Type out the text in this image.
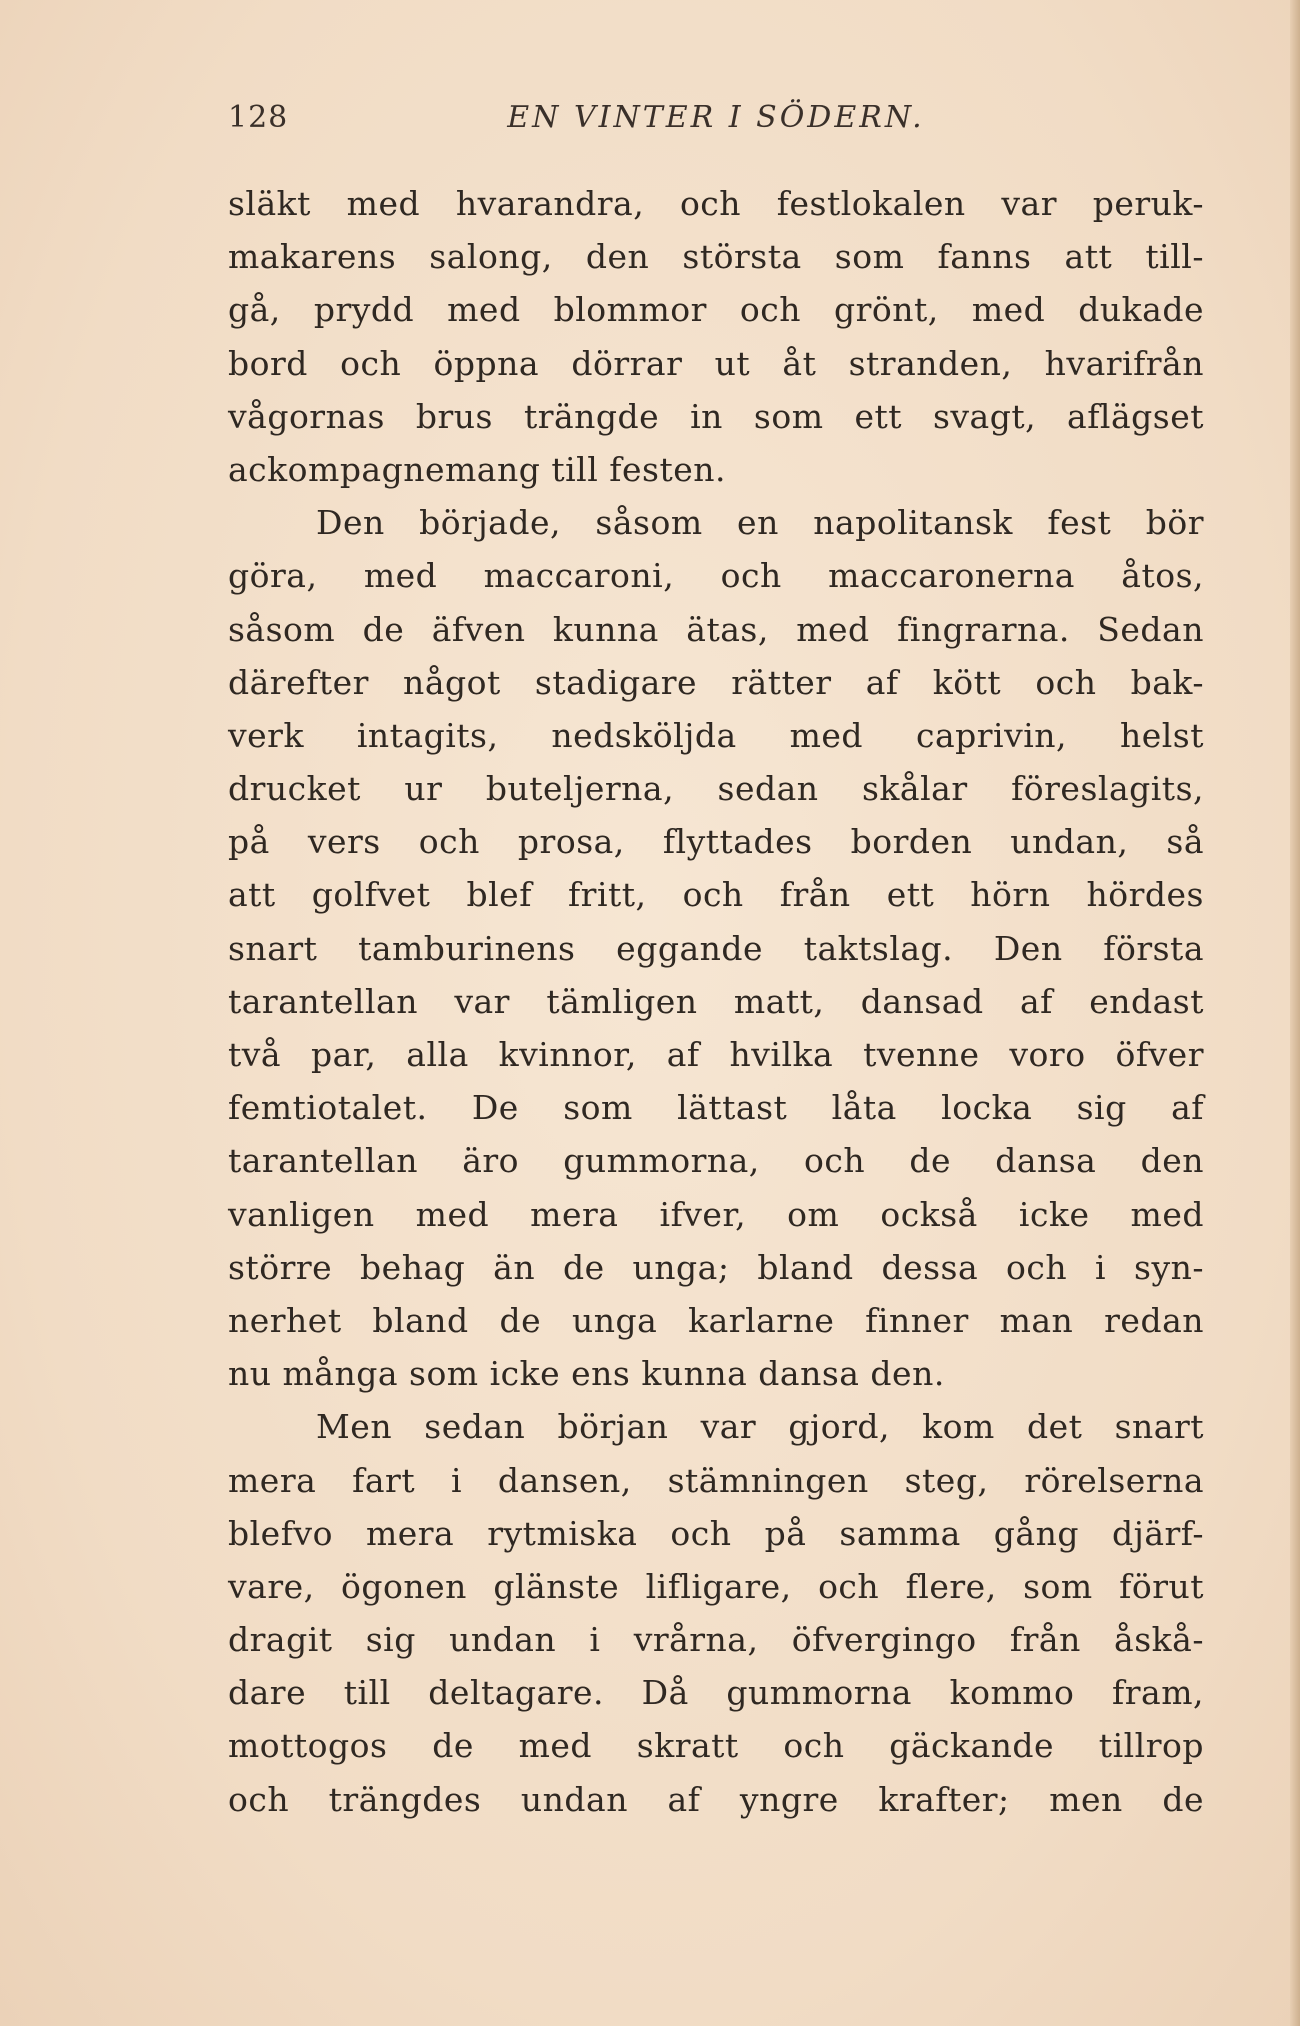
128	EN VINTER I SÖDERN.
släkt med hvarandra, och festlokalen var peruk-
makarens salong, den största som fanns att till-
gå, prydd med blommor och grönt, med dukade
bord och öppna dörrar ut åt stranden, hvarifrån
vågornas brus trängde in som ett svagt, aflägset
ackompagnemang till festen.
Den började, såsom en napolitansk fest bör
göra, med maccaroni, och maccaronerna åtos,
såsom de äfven kunna ätas, med fingrarna. Sedan
därefter något stadigare rätter af kött och bak-
verk intagits, nedsköljda med caprivin, helst
drucket ur buteljerna, sedan skålar föreslagits,
på vers och prosa, flyttades borden undan, så
att golfvet blef fritt, och från ett hörn hördes
snart tamburinens eggande taktslag. Den första
tarantellan var tämligen matt, dansad af endast
två par, alla kvinnor, af hvilka tvenne voro öfver
femtiotalet. De som lättast låta locka sig af
tarantellan äro gummorna, och de dansa den
vanligen med mera ifver, om också icke med
större behag än de unga; bland dessa och i syn-
nerhet bland de unga karlarne finner man redan
nu många som icke ens kunna dansa den.
Men sedan början var gjord, kom det snart
mera fart i dansen, stämningen steg, rörelserna
blefvo mera rytmiska och på samma gång djärf-
vare, ögonen glänste lifligare, och flere, som förut
dragit sig undan i vrårna, öfvergingo från åskå-
dare till deltagare. Då gummorna kommo fram,
mottogos de med skratt och gäckande tillrop
och trängdes undan af yngre krafter; men de
